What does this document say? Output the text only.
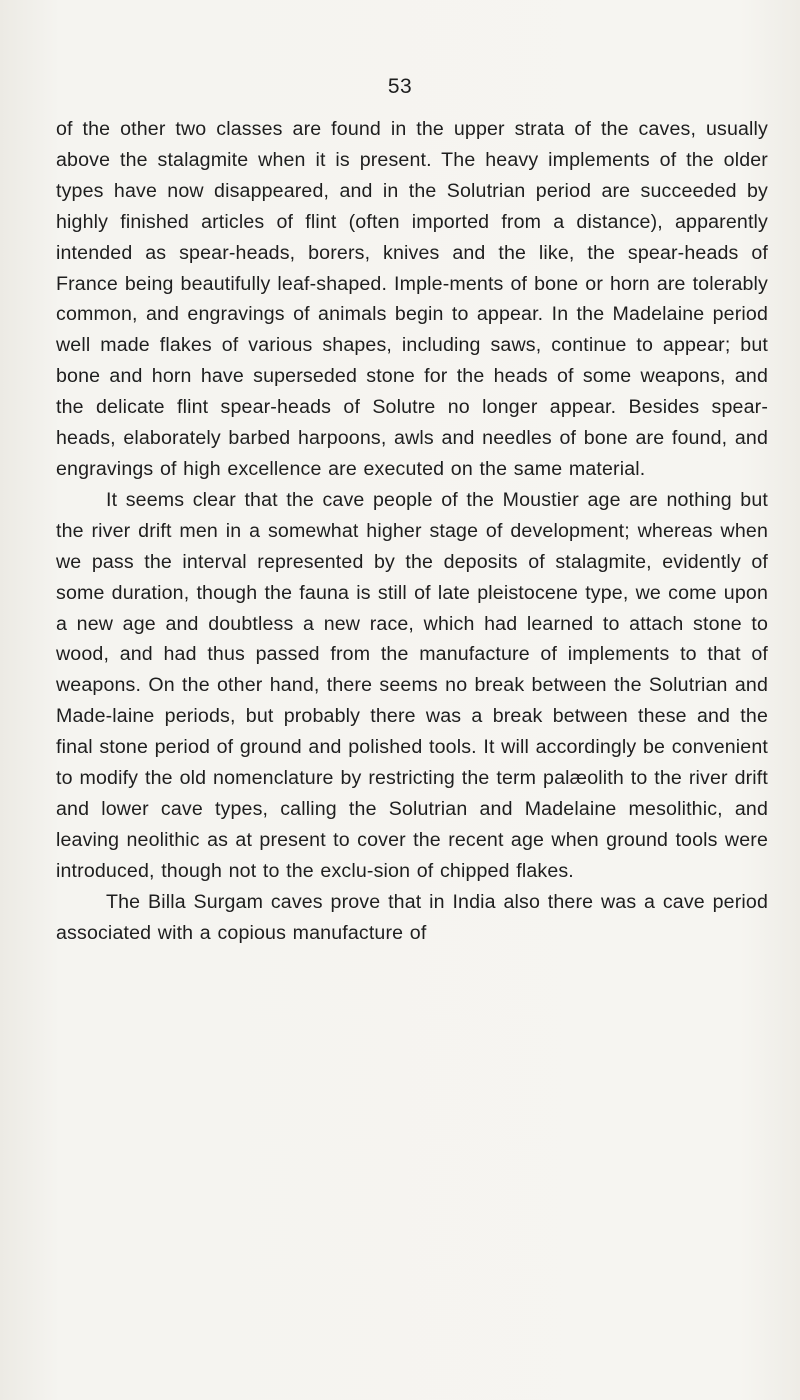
53

of the other two classes are found in the upper strata of the caves, usually above the stalagmite when it is present. The heavy implements of the older types have now disappeared, and in the Solutrian period are succeeded by highly finished articles of flint (often imported from a distance), apparently intended as spear-heads, borers, knives and the like, the spear-heads of France being beautifully leaf-shaped. Imple-ments of bone or horn are tolerably common, and engravings of animals begin to appear. In the Madelaine period well made flakes of various shapes, including saws, continue to appear; but bone and horn have superseded stone for the heads of some weapons, and the delicate flint spear-heads of Solutre no longer appear. Besides spear-heads, elaborately barbed harpoons, awls and needles of bone are found, and engravings of high excellence are executed on the same material.

It seems clear that the cave people of the Moustier age are nothing but the river drift men in a somewhat higher stage of development; whereas when we pass the interval represented by the deposits of stalagmite, evidently of some duration, though the fauna is still of late pleistocene type, we come upon a new age and doubtless a new race, which had learned to attach stone to wood, and had thus passed from the manufacture of implements to that of weapons. On the other hand, there seems no break between the Solutrian and Made-laine periods, but probably there was a break between these and the final stone period of ground and polished tools. It will accordingly be convenient to modify the old nomenclature by restricting the term palæolith to the river drift and lower cave types, calling the Solutrian and Madelaine mesolithic, and leaving neolithic as at present to cover the recent age when ground tools were introduced, though not to the exclu-sion of chipped flakes.

The Billa Surgam caves prove that in India also there was a cave period associated with a copious manufacture of
